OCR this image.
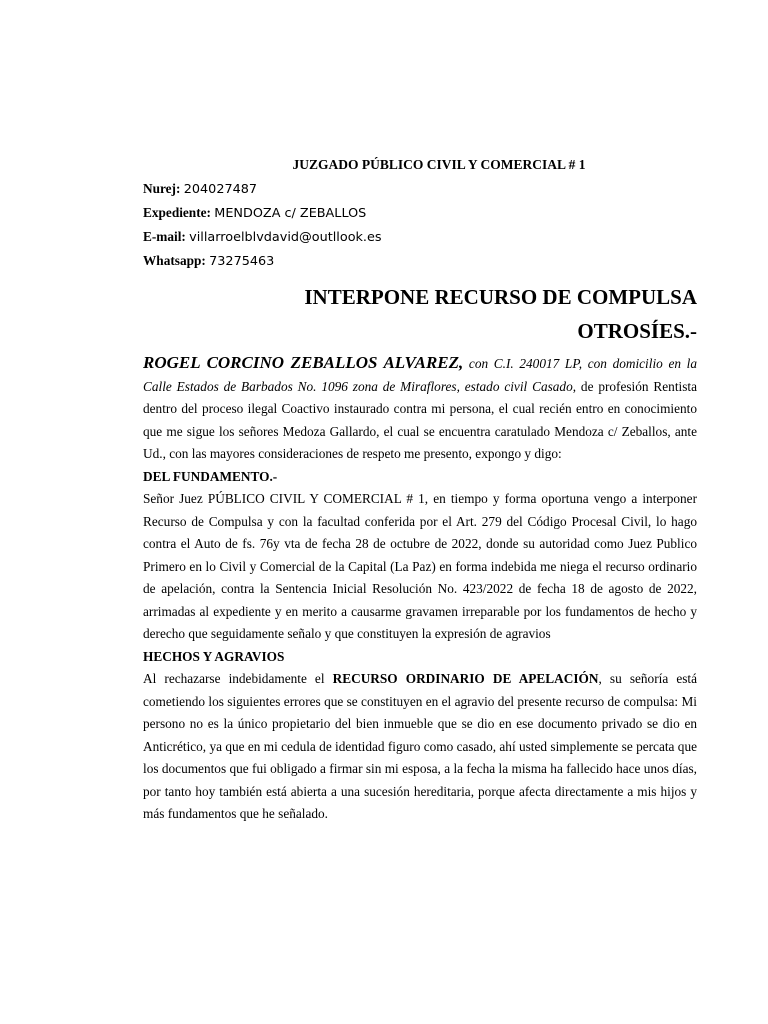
JUZGADO PÚBLICO CIVIL Y COMERCIAL # 1
Nurej: 204027487
Expediente: MENDOZA c/ ZEBALLOS
E-mail: villarroelblvdavid@outllook.es
Whatsapp: 73275463
INTERPONE RECURSO DE COMPULSA
OTROSÍES.-

ROGEL CORCINO ZEBALLOS ALVAREZ, con C.I. 240017 LP, con domicilio en la Calle Estados de Barbados No. 1096 zona de Miraflores, estado civil Casado, de profesión Rentista dentro del proceso ilegal Coactivo instaurado contra mi persona, el cual recién entro en conocimiento que me sigue los señores Medoza Gallardo, el cual se encuentra caratulado Mendoza c/ Zeballos, ante Ud., con las mayores consideraciones de respeto me presento, expongo y digo:

DEL FUNDAMENTO.-

Señor Juez PÚBLICO CIVIL Y COMERCIAL # 1, en tiempo y forma oportuna vengo a interponer Recurso de Compulsa y con la facultad conferida por el Art. 279 del Código Procesal Civil, lo hago contra el Auto de fs. 76y vta de fecha 28 de octubre de 2022, donde su autoridad como Juez Publico Primero en lo Civil y Comercial de la Capital (La Paz) en forma indebida me niega el recurso ordinario de apelación, contra la Sentencia Inicial Resolución No. 423/2022 de fecha 18 de agosto de 2022, arrimadas al expediente y en merito a causarme gravamen irreparable por los fundamentos de hecho y derecho que seguidamente señalo y que constituyen la expresión de agravios

HECHOS Y AGRAVIOS

Al rechazarse indebidamente el RECURSO ORDINARIO DE APELACIÓN, su señoría está cometiendo los siguientes errores que se constituyen en el agravio del presente recurso de compulsa: Mi persono no es la único propietario del bien inmueble que se dio en ese documento privado se dio en Anticrético, ya que en mi cedula de identidad figuro como casado, ahí usted simplemente se percata que los documentos que fui obligado a firmar sin mi esposa, a la fecha la misma ha fallecido hace unos días, por tanto hoy también está abierta a una sucesión hereditaria, porque afecta directamente a mis hijos y más fundamentos que he señalado.
